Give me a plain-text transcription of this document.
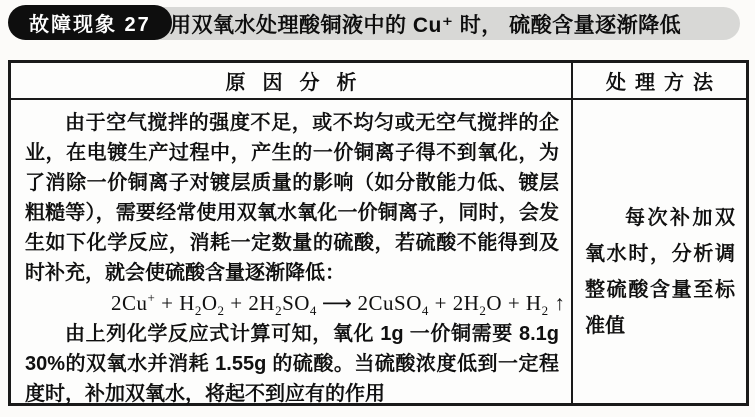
故障现象 27 用双氧水处理酸铜液中的 Cu⁺ 时， 硫酸含量逐渐降低
原因分析	处理方法

由于空气搅拌的强度不足，或不均匀或无空气搅拌的企业，在电镀生产过程中，产生的一价铜离子得不到氧化，为了消除一价铜离子对镀层质量的影响（如分散能力低、镀层粗糙等），需要经常使用双氧水氧化一价铜离子，同时，会发生如下化学反应，消耗一定数量的硫酸，若硫酸不能得到及时补充，就会使硫酸含量逐渐降低：

$2Cu^+ + H_2O_2 + 2H_2SO_4$ ⟶ 2CuSO$_4$ + $2H_2O + H_2$ ↑

由上列化学反应式计算可知，氧化 1g 一价铜需要 8.1g 30%的双氧水并消耗 1.55g 的硫酸。当硫酸浓度低到一定程度时，补加双氧水，将起不到应有的作用

每次补加双氧水时，分析调整硫酸含量至标准值
